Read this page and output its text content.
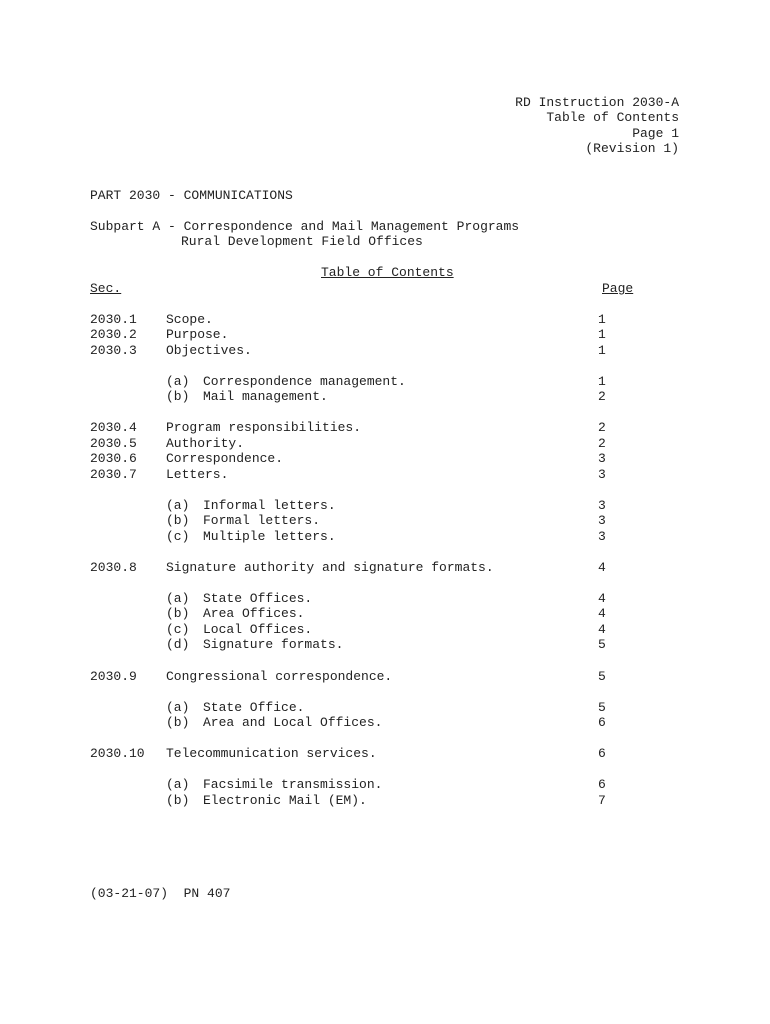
RD Instruction 2030-A
Table of Contents
Page 1
(Revision 1)
PART 2030 - COMMUNICATIONS
Subpart A - Correspondence and Mail Management Programs
Rural Development Field Offices
Table of Contents
Sec.	Page
2030.1 Scope.	1
2030.2 Purpose.	1
2030.3 Objectives.	1
(a) Correspondence management.	1
(b) Mail management.	2
2030.4 Program responsibilities.	2
2030.5 Authority.	2
2030.6 Correspondence.	3
2030.7 Letters.	3
(a) Informal letters.	3
(b) Formal letters.	3
(c) Multiple letters.	3
2030.8 Signature authority and signature formats.	4
(a) State Offices.	4
(b) Area Offices.	4
(c) Local Offices.	4
(d) Signature formats.	5
2030.9 Congressional correspondence.	5
(a) State Office.	5
(b) Area and Local Offices.	6
2030.10 Telecommunication services.	6
(a) Facsimile transmission.	6
(b) Electronic Mail (EM).	7
(03-21-07)  PN 407
